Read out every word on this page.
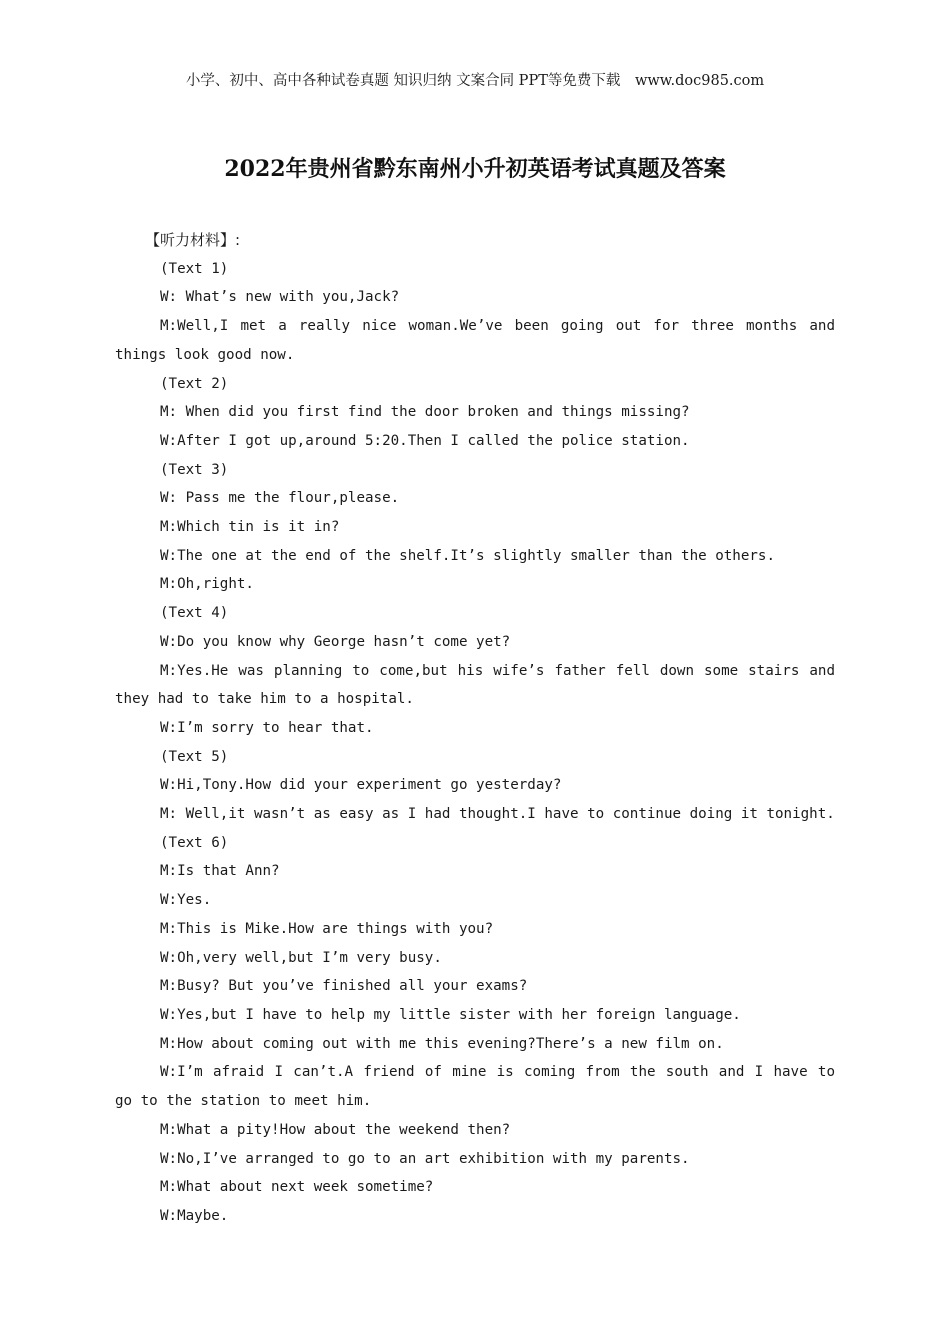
小学、初中、高中各种试卷真题 知识归纳 文案合同 PPT等免费下载 www.doc985.com
2022年贵州省黔东南州小升初英语考试真题及答案

【听力材料】:

(Text 1)

W: What’s new with you,Jack?

M:Well,I met a really nice woman.We’ve been going out for three months and

things look good now.

(Text 2)

M: When did you first find the door broken and things missing?

W:After I got up,around 5:20.Then I called the police station.

(Text 3)

W: Pass me the flour,please.

M:Which tin is it in?

W:The one at the end of the shelf.It’s slightly smaller than the others.

M:Oh,right.

(Text 4)

W:Do you know why George hasn’t come yet?

M:Yes.He was planning to come,but his wife’s father fell down some stairs and

they had to take him to a hospital.

W:I’m sorry to hear that.

(Text 5)

W:Hi,Tony.How did your experiment go yesterday?

M: Well,it wasn’t as easy as I had thought.I have to continue doing it tonight.

(Text 6)

M:Is that Ann?

W:Yes.

M:This is Mike.How are things with you?

W:Oh,very well,but I’m very busy.

M:Busy? But you’ve finished all your exams?

W:Yes,but I have to help my little sister with her foreign language.

M:How about coming out with me this evening?There’s a new film on.

W:I’m afraid I can’t.A friend of mine is coming from the south and I have to

go to the station to meet him.

M:What a pity!How about the weekend then?

W:No,I’ve arranged to go to an art exhibition with my parents.

M:What about next week sometime?

W:Maybe.
